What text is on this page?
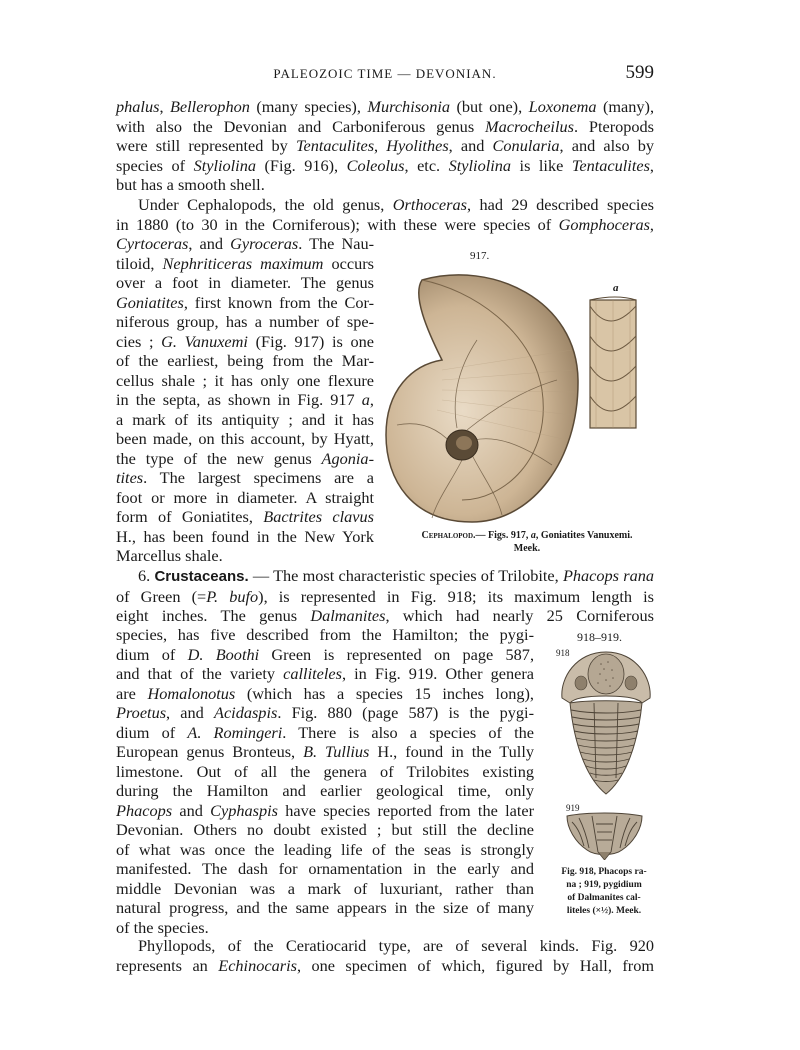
PALEOZOIC TIME — DEVONIAN.	599
phalus, Bellerophon (many species), Murchisonia (but one), Loxonema (many),
with also the Devonian and Carboniferous genus Macrocheilus. Pteropods
were still represented by Tentaculites, Hyolithes, and Conularia, and also by
species of Styliolina (Fig. 916), Coleolus, etc. Styliolina is like Tentaculites,
but has a smooth shell.
Under Cephalopods, the old genus, Orthoceras, had 29 described species
in 1880 (to 30 in the Corniferous); with these were species of Gomphoceras,
Cyrtoceras, and Gyroceras. The Nau-
tiloid, Nephriticeras maximum occurs
over a foot in diameter. The genus
Goniatites, first known from the Cor-
niferous group, has a number of spe-
cies ; G. Vanuxemi (Fig. 917) is one
of the earliest, being from the Mar-
cellus shale ; it has only one flexure
in the septa, as shown in Fig. 917 a,
a mark of its antiquity ; and it has
been made, on this account, by Hyatt,
the type of the new genus Agonia-
tites. The largest specimens are a
foot or more in diameter. A straight
form of Goniatites, Bactrites clavus
H., has been found in the New York
Marcellus shale.
917.
a
Cephalopod.— Figs. 917, a, Goniatites Vanuxemi.
Meek.
6. Crustaceans. — The most characteristic species of Trilobite, Phacops rana
of Green (=P. bufo), is represented in Fig. 918; its maximum length is
eight inches. The genus Dalmanites, which had nearly 25 Corniferous
species, has five described from the Hamilton; the pygi-
dium of D. Boothi Green is represented on page 587,
and that of the variety calliteles, in Fig. 919. Other genera
are Homalonotus (which has a species 15 inches long),
Proetus, and Acidaspis. Fig. 880 (page 587) is the pygi-
dium of A. Romingeri. There is also a species of the
European genus Bronteus, B. Tullius H., found in the Tully
limestone. Out of all the genera of Trilobites existing
during the Hamilton and earlier geological time, only
Phacops and Cyphaspis have species reported from the later
Devonian. Others no doubt existed ; but still the decline
of what was once the leading life of the seas is strongly
manifested. The dash for ornamentation in the early and
middle Devonian was a mark of luxuriant, rather than
natural progress, and the same appears in the size of many
of the species.
918–919.
918
919
Fig. 918, Phacops ra-
na ; 919, pygidium
of Dalmanites cal-
liteles (×½). Meek.
Phyllopods, of the Ceratiocarid type, are of several kinds. Fig. 920
represents an Echinocaris, one specimen of which, figured by Hall, from
